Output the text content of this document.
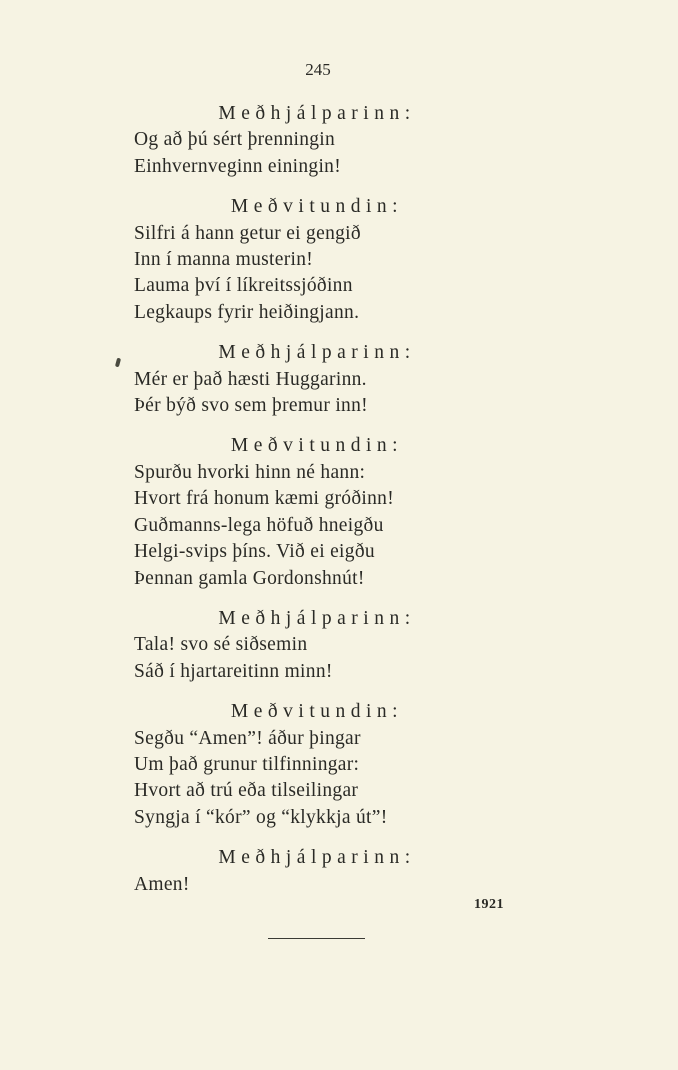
245
Meðhjálparinn:
Og að þú sért þrenningin
Einhvernveginn einingin!
Meðvitundin:
Silfri á hann getur ei gengið
Inn í manna musterin!
Lauma því í líkreitssjóðinn
Legkaups fyrir heiðingjann.
Meðhjálparinn:
Mér er það hæsti Huggarinn.
Þér býð svo sem þremur inn!
Meðvitundin:
Spurðu hvorki hinn né hann:
Hvort frá honum kæmi gróðinn!
Guðmanns-lega höfuð hneigðu
Helgi-svips þíns. Við ei eigðu
Þennan gamla Gordonshnút!
Meðhjálparinn:
Tala! svo sé siðsemin
Sáð í hjartareitinn minn!
Meðvitundin:
Segðu “Amen”! áður þingar
Um það grunur tilfinningar:
Hvort að trú eða tilseilingar
Syngja í “kór” og “klykkja út”!
Meðhjálparinn:
Amen!
1921
